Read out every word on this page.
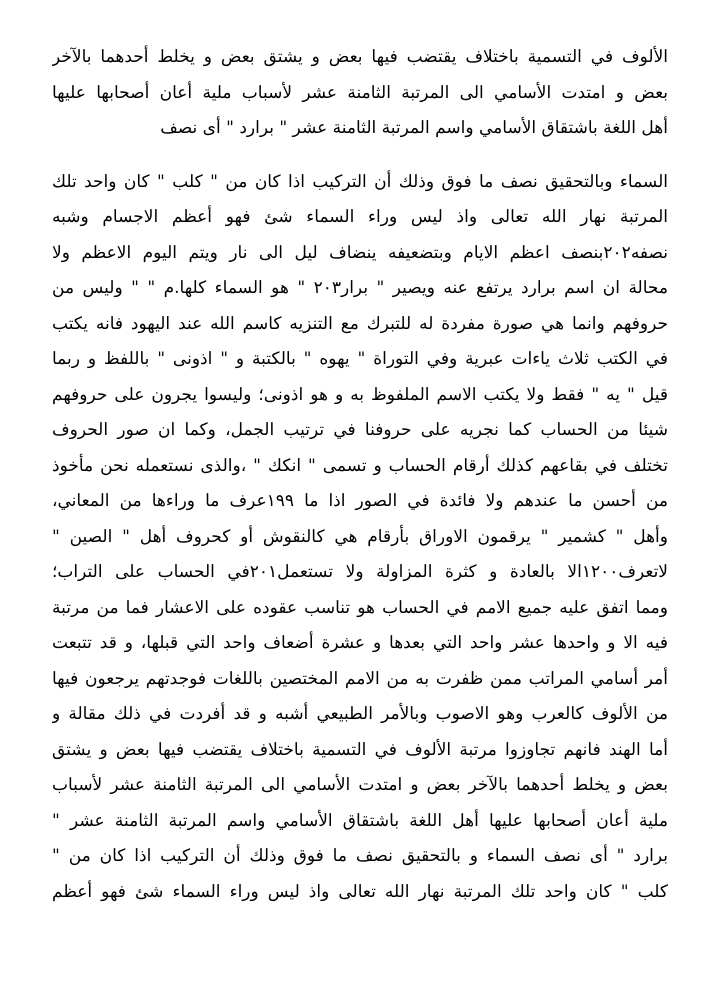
الألوف في التسمية باختلاف يقتضب فيها بعض و يشتق بعض و يخلط أحدهما بالآخر
بعض و امتدت الأسامي الى المرتبة الثامنة عشر لأسباب ملية أعان أصحابها عليها
أهل اللغة باشتقاق الأسامي واسم المرتبة الثامنة عشر " برارد " أى نصف
السماء وبالتحقيق نصف ما فوق وذلك أن التركيب اذا كان من " كلب " كان واحد تلك
المرتبة نهار الله تعالى واذ ليس وراء السماء شئ فهو أعظم الاجسام وشبه
نصفه٢٠٢بنصف اعظم الايام وبتضعيفه ينضاف ليل الى نار ويتم اليوم الاعظم ولا
محالة ان اسم برارد يرتفع عنه ويصير " برار٢٠٣ " هو السماء كلها.م " " وليس من
حروفهم وانما هي صورة مفردة له للتبرك مع التنزيه كاسم الله عند اليهود فانه يكتب
في الكتب ثلاث ياءات عبرية وفي التوراة " يهوه " بالكتبة و " اذونى " باللفظ و ربما
قيل " يه " فقط ولا يكتب الاسم الملفوظ به و هو اذونى؛ وليسوا يجرون على حروفهم
شيئا من الحساب كما نجريه على حروفنا في ترتيب الجمل، وكما ان صور الحروف
تختلف في بقاعهم كذلك أرقام الحساب و تسمى " انكك " ،والذى نستعمله نحن مأخوذ
من أحسن ما عندهم ولا فائدة في الصور اذا ما ١٩٩عرف ما وراءها من المعاني،
وأهل " كشمير " يرقمون الاوراق بأرقام هي كالنقوش أو كحروف أهل " الصين "
لاتعرف١٢٠٠الا بالعادة و كثرة المزاولة ولا تستعمل٢٠١في الحساب على التراب؛
ومما اتفق عليه جميع الامم في الحساب هو تناسب عقوده على الاعشار فما من مرتبة
فيه الا و واحدها عشر واحد التي بعدها و عشرة أضعاف واحد التي قبلها، و قد تتبعت
أمر أسامي المراتب ممن ظفرت به من الامم المختصين باللغات فوجدتهم يرجعون فيها
من الألوف كالعرب وهو الاصوب وبالأمر الطبيعي أشبه و قد أفردت في ذلك مقالة و
أما الهند فانهم تجاوزوا مرتبة الألوف في التسمية باختلاف يقتضب فيها بعض و يشتق
بعض و يخلط أحدهما بالآخر بعض و امتدت الأسامي الى المرتبة الثامنة عشر لأسباب
ملية أعان أصحابها عليها أهل اللغة باشتقاق الأسامي واسم المرتبة الثامنة عشر "
برارد " أى نصف السماء و بالتحقيق نصف ما فوق وذلك أن التركيب اذا كان من "
كلب " كان واحد تلك المرتبة نهار الله تعالى واذ ليس وراء السماء شئ فهو أعظم
